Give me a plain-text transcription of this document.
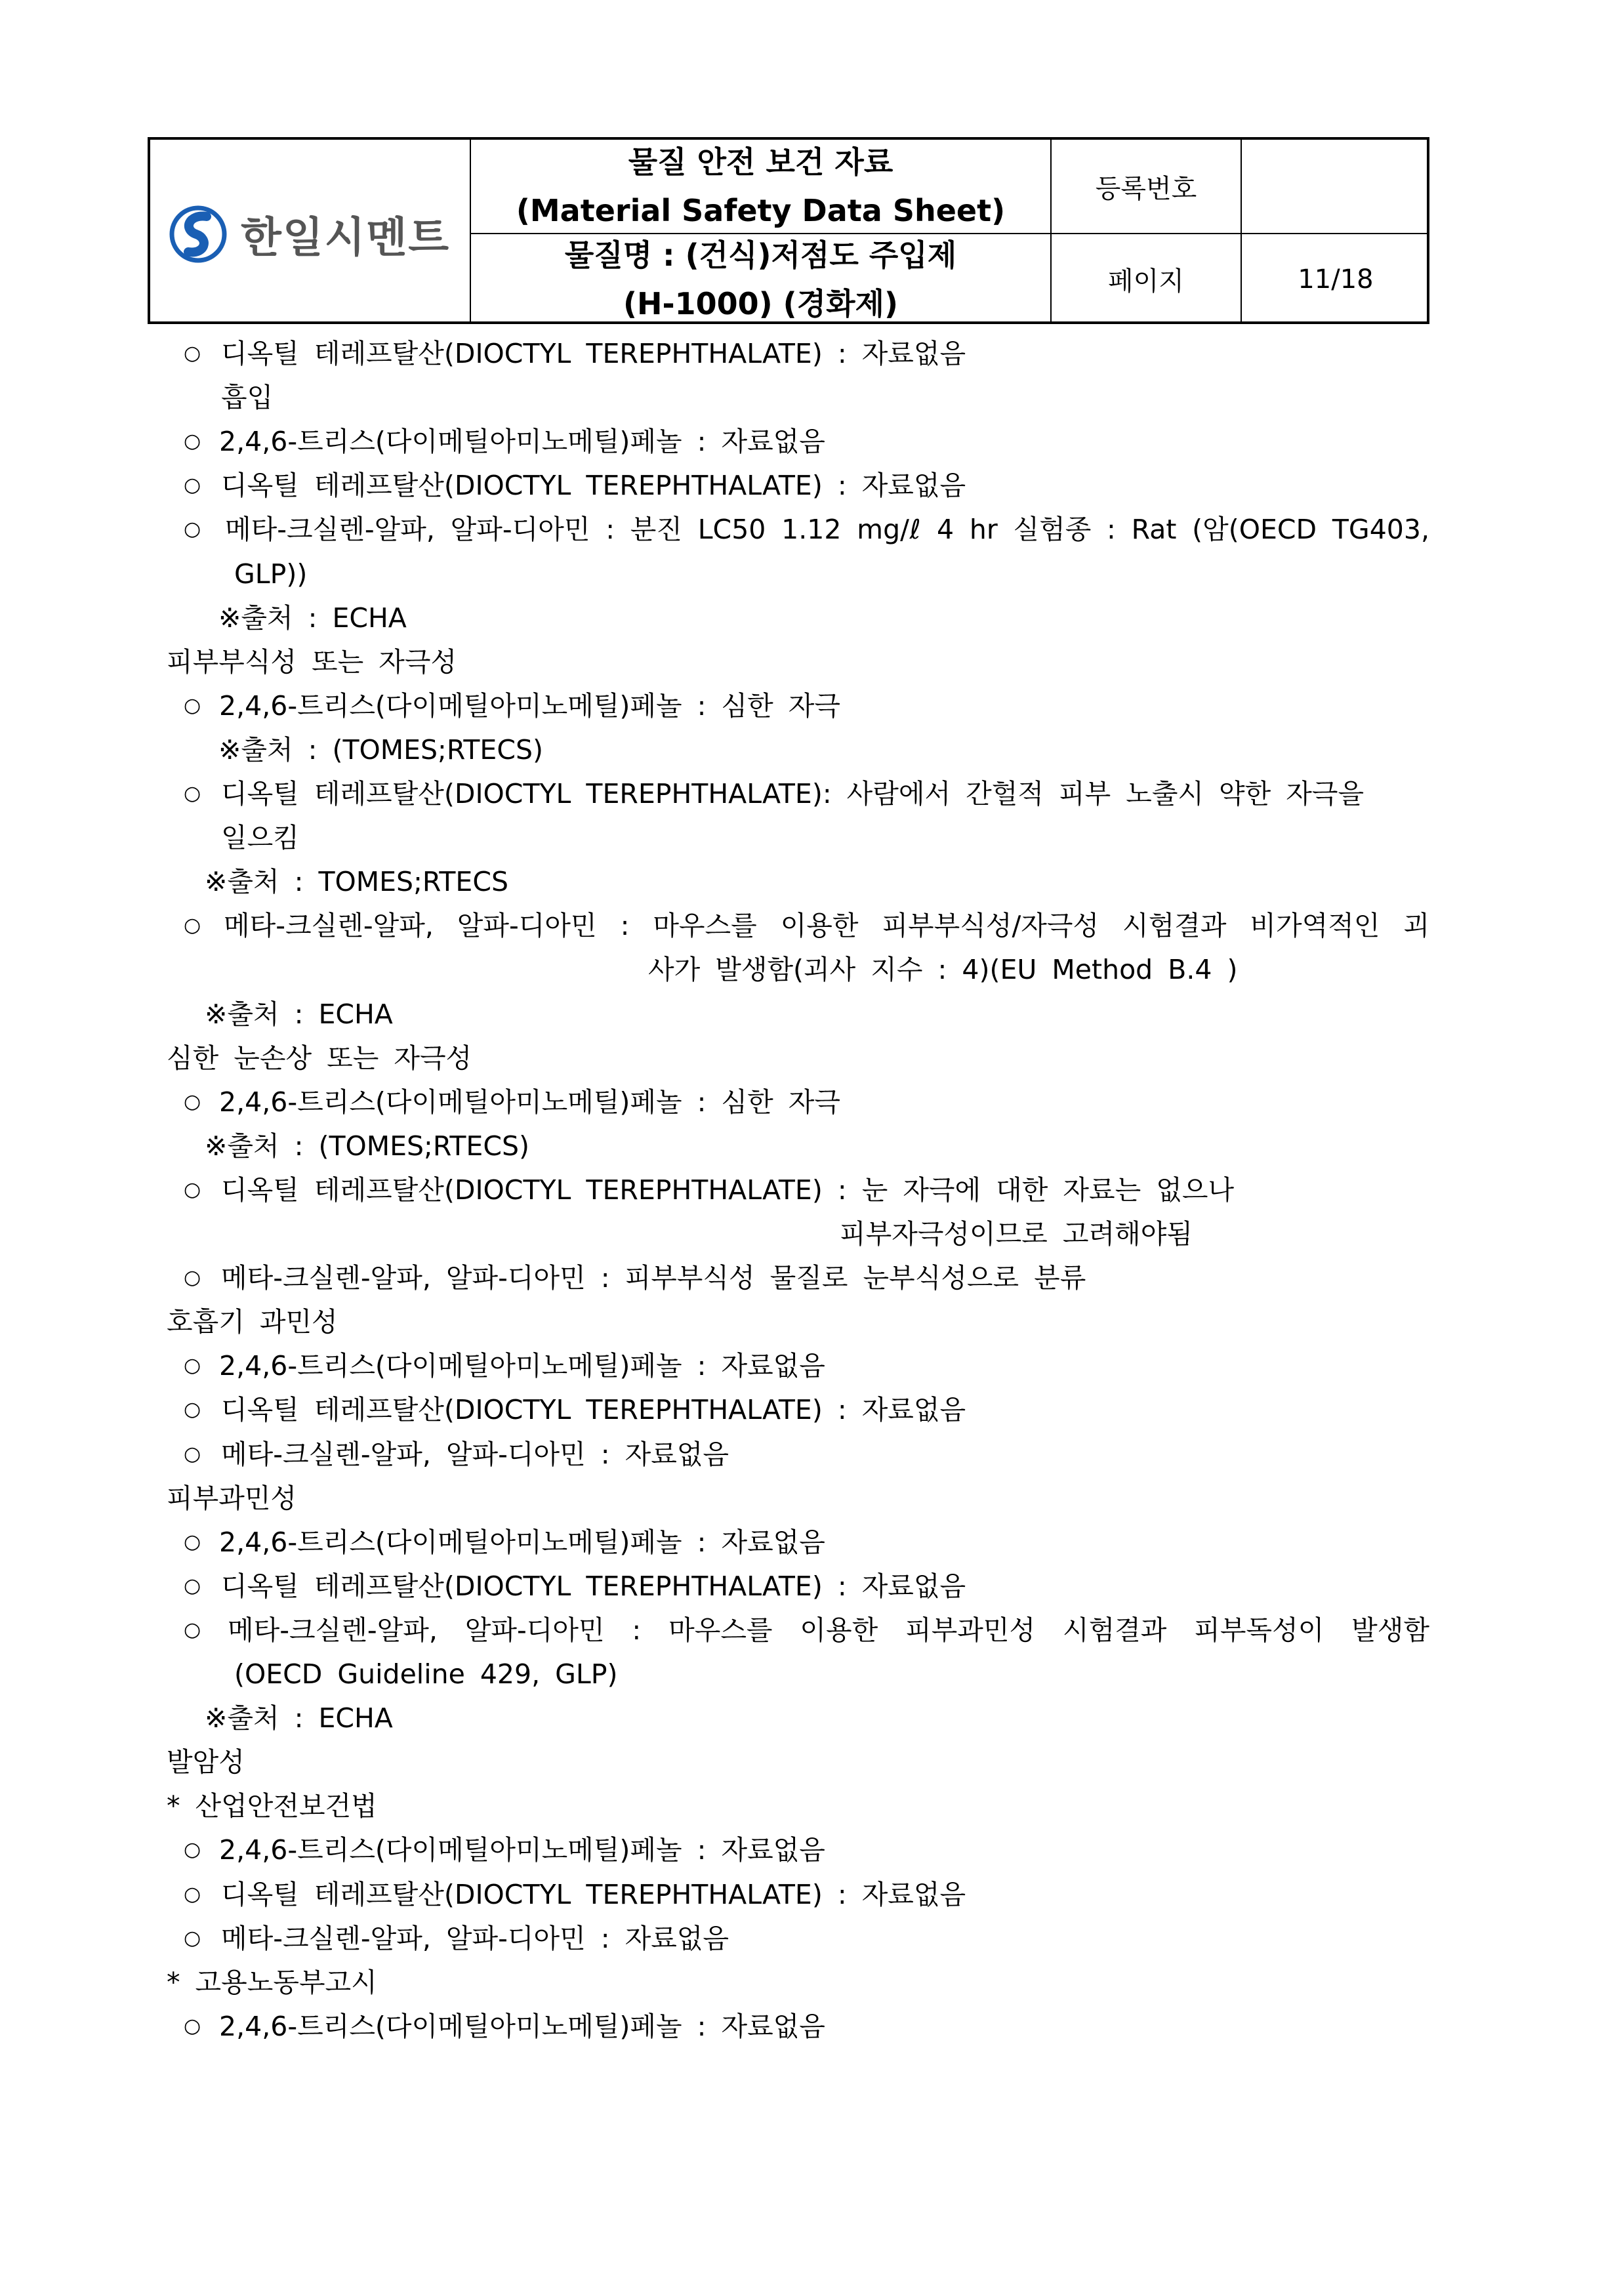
한일시멘트
물질 안전 보건 자료
(Material Safety Data Sheet)
물질명 : (건식)저점도 주입제
(H-1000) (경화제)
등록번호
페이지	11/18
○ 디옥틸 테레프탈산(DIOCTYL TEREPHTHALATE) : 자료없음
흡입
○ 2,4,6-트리스(다이메틸아미노메틸)페놀 : 자료없음
○ 디옥틸 테레프탈산(DIOCTYL TEREPHTHALATE) : 자료없음
○ 메타-크실렌-알파, 알파-디아민 : 분진 LC50 1.12 mg/ℓ 4 hr 실험종 : Rat (암(OECD TG403,
GLP))
※출처 : ECHA
피부부식성 또는 자극성
○ 2,4,6-트리스(다이메틸아미노메틸)페놀 : 심한 자극
※출처 : (TOMES;RTECS)
○ 디옥틸 테레프탈산(DIOCTYL TEREPHTHALATE): 사람에서 간헐적 피부 노출시 약한 자극을
일으킴
※출처 : TOMES;RTECS
○ 메타-크실렌-알파, 알파-디아민 : 마우스를 이용한 피부부식성/자극성 시험결과 비가역적인 괴
사가 발생함(괴사 지수 : 4)(EU Method B.4 )
※출처 : ECHA
심한 눈손상 또는 자극성
○ 2,4,6-트리스(다이메틸아미노메틸)페놀 : 심한 자극
※출처 : (TOMES;RTECS)
○ 디옥틸 테레프탈산(DIOCTYL TEREPHTHALATE) : 눈 자극에 대한 자료는 없으나
피부자극성이므로 고려해야됨
○ 메타-크실렌-알파, 알파-디아민 : 피부부식성 물질로 눈부식성으로 분류
호흡기 과민성
○ 2,4,6-트리스(다이메틸아미노메틸)페놀 : 자료없음
○ 디옥틸 테레프탈산(DIOCTYL TEREPHTHALATE) : 자료없음
○ 메타-크실렌-알파, 알파-디아민 : 자료없음
피부과민성
○ 2,4,6-트리스(다이메틸아미노메틸)페놀 : 자료없음
○ 디옥틸 테레프탈산(DIOCTYL TEREPHTHALATE) : 자료없음
○ 메타-크실렌-알파, 알파-디아민 : 마우스를 이용한 피부과민성 시험결과 피부독성이 발생함
(OECD Guideline 429, GLP)
※출처 : ECHA
발암성
* 산업안전보건법
○ 2,4,6-트리스(다이메틸아미노메틸)페놀 : 자료없음
○ 디옥틸 테레프탈산(DIOCTYL TEREPHTHALATE) : 자료없음
○ 메타-크실렌-알파, 알파-디아민 : 자료없음
* 고용노동부고시
○ 2,4,6-트리스(다이메틸아미노메틸)페놀 : 자료없음
